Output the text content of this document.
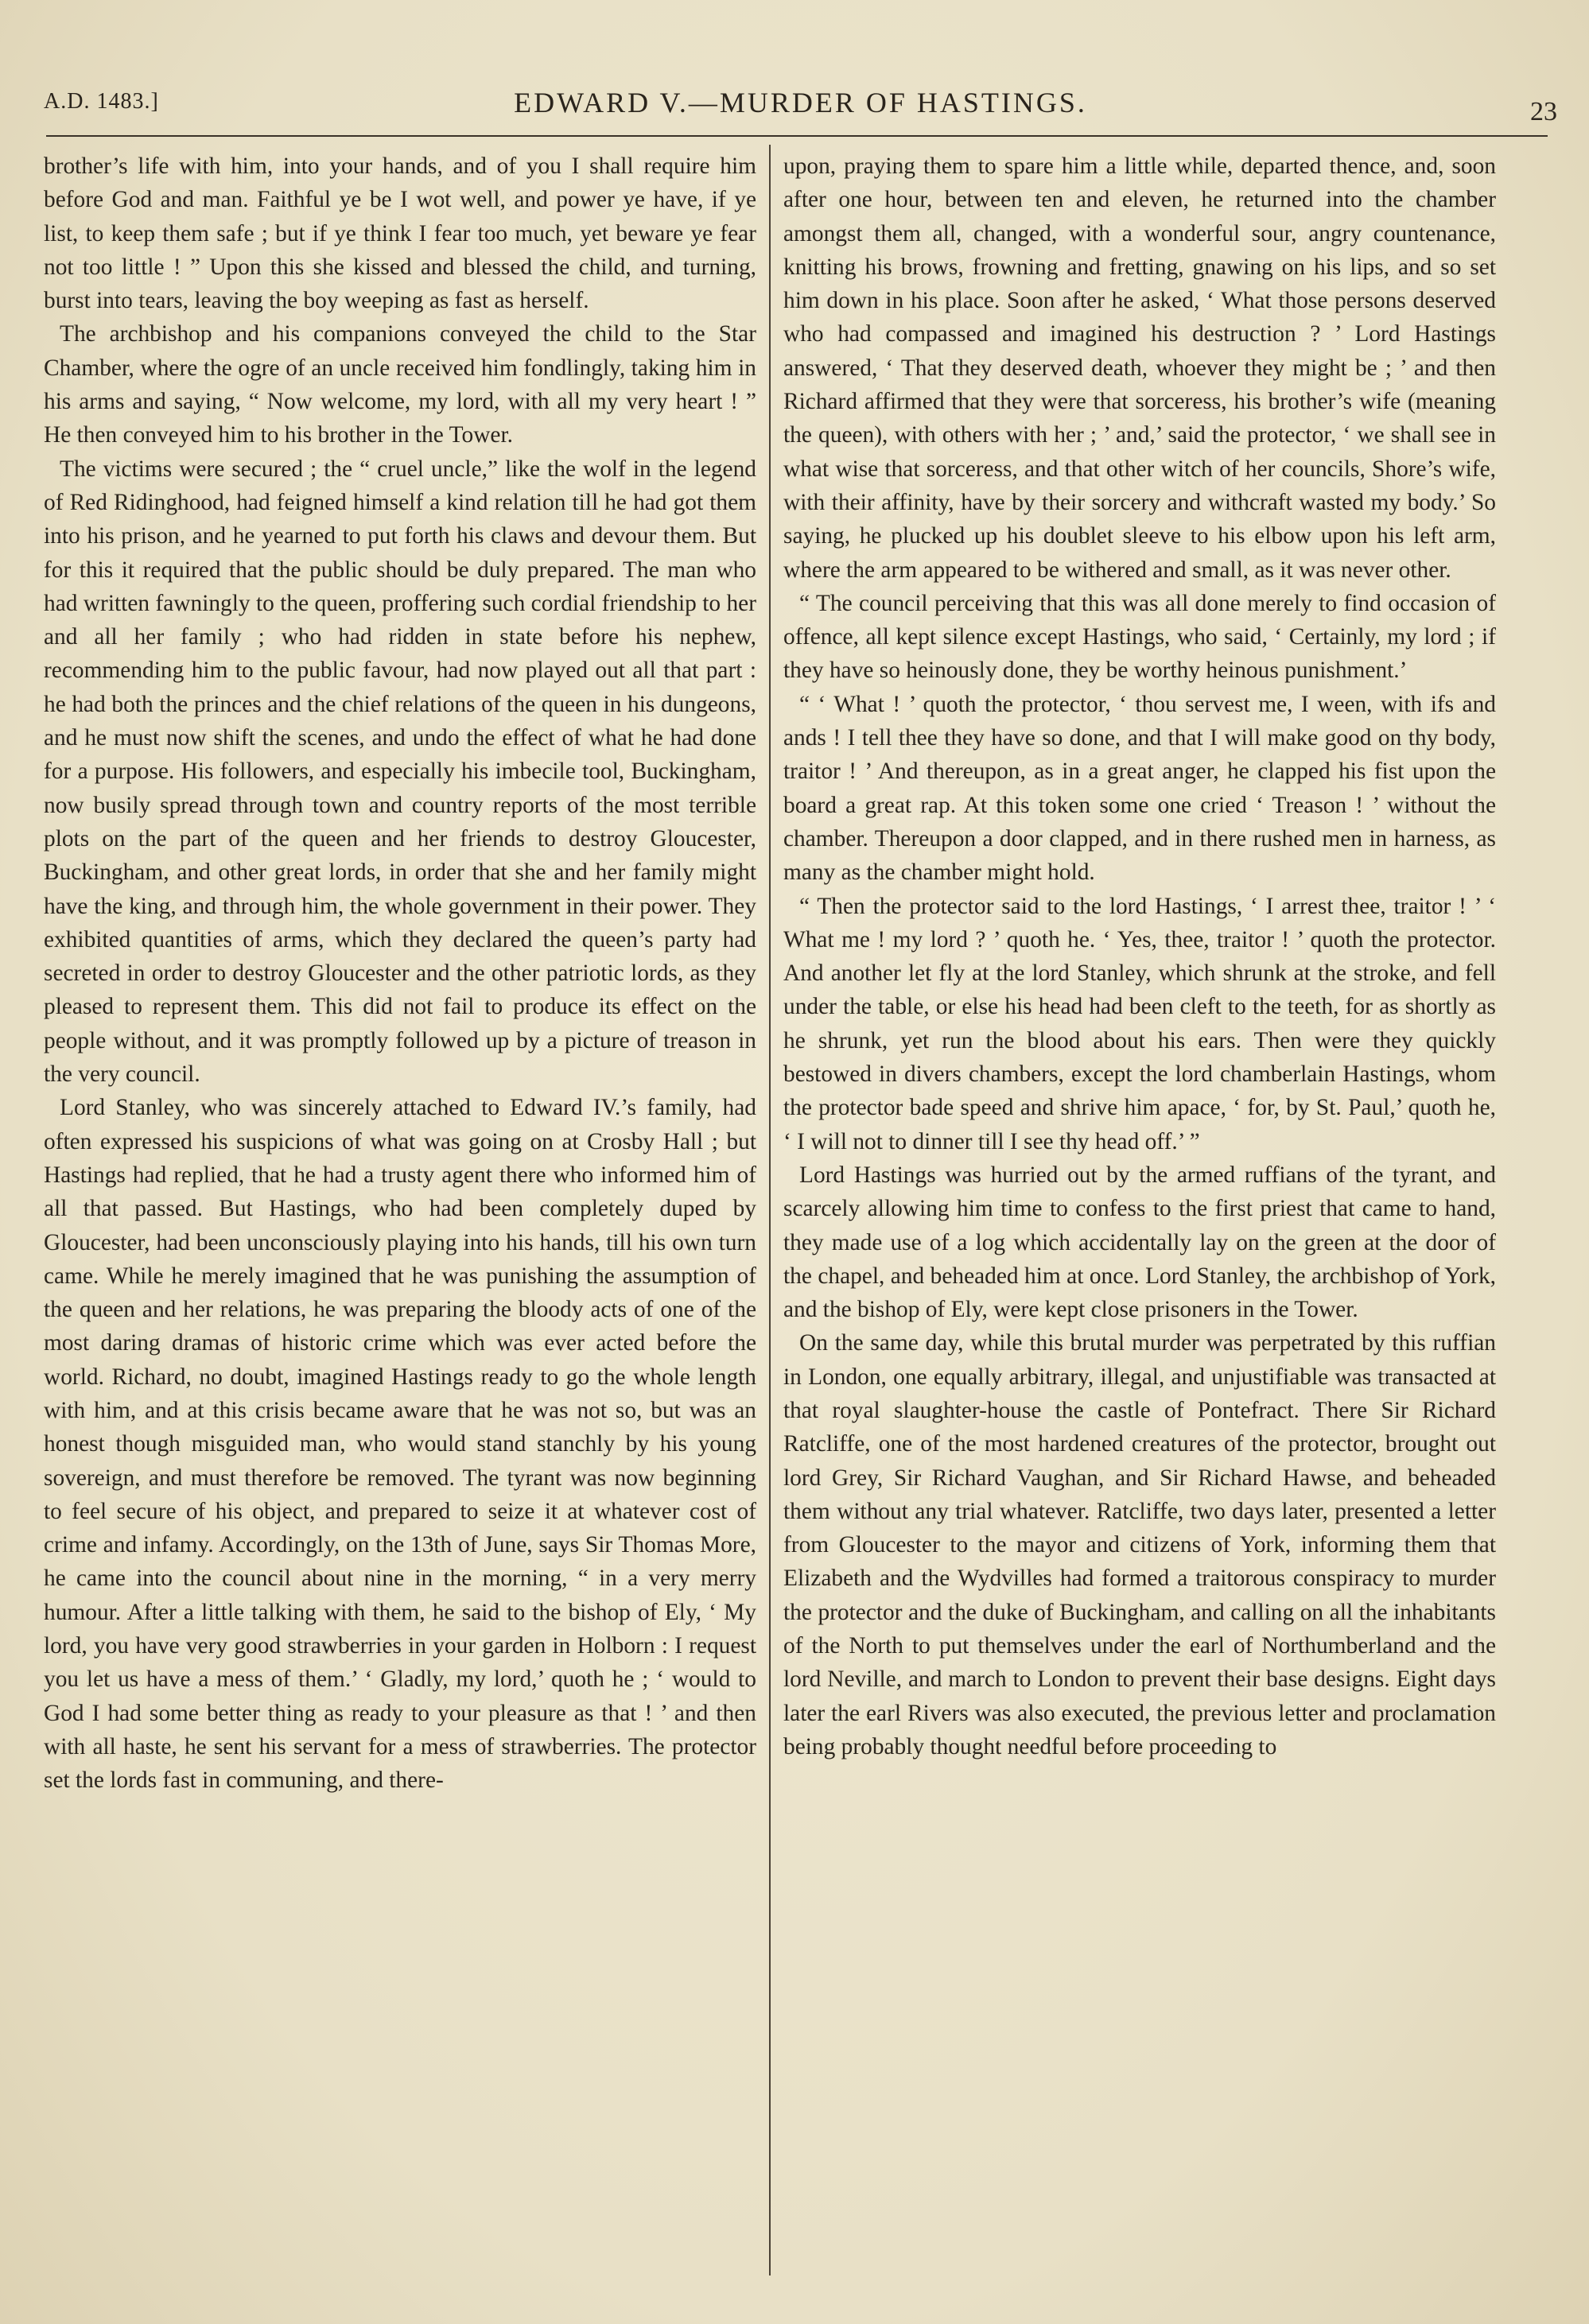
A.D. 1483.]	EDWARD V.—MURDER OF HASTINGS.	23

brother’s life with him, into your hands, and of you I shall require him before God and man. Faithful ye be I wot well, and power ye have, if ye list, to keep them safe ; but if ye think I fear too much, yet beware ye fear not too little ! ” Upon this she kissed and blessed the child, and turning, burst into tears, leaving the boy weeping as fast as herself.

The archbishop and his companions conveyed the child to the Star Chamber, where the ogre of an uncle received him fondlingly, taking him in his arms and saying, “ Now welcome, my lord, with all my very heart ! ” He then conveyed him to his brother in the Tower.

The victims were secured ; the “ cruel uncle,” like the wolf in the legend of Red Ridinghood, had feigned himself a kind relation till he had got them into his prison, and he yearned to put forth his claws and devour them. But for this it required that the public should be duly prepared. The man who had written fawningly to the queen, proffering such cordial friendship to her and all her family ; who had ridden in state before his nephew, recommending him to the public favour, had now played out all that part : he had both the princes and the chief relations of the queen in his dungeons, and he must now shift the scenes, and undo the effect of what he had done for a purpose. His followers, and especially his imbecile tool, Buckingham, now busily spread through town and country reports of the most terrible plots on the part of the queen and her friends to destroy Gloucester, Buckingham, and other great lords, in order that she and her family might have the king, and through him, the whole government in their power. They exhibited quantities of arms, which they declared the queen’s party had secreted in order to destroy Gloucester and the other patriotic lords, as they pleased to represent them. This did not fail to produce its effect on the people without, and it was promptly followed up by a picture of treason in the very council.

Lord Stanley, who was sincerely attached to Edward IV.’s family, had often expressed his suspicions of what was going on at Crosby Hall ; but Hastings had replied, that he had a trusty agent there who informed him of all that passed. But Hastings, who had been completely duped by Gloucester, had been unconsciously playing into his hands, till his own turn came. While he merely imagined that he was punishing the assumption of the queen and her relations, he was preparing the bloody acts of one of the most daring dramas of historic crime which was ever acted before the world. Richard, no doubt, imagined Hastings ready to go the whole length with him, and at this crisis became aware that he was not so, but was an honest though misguided man, who would stand stanchly by his young sovereign, and must therefore be removed. The tyrant was now beginning to feel secure of his object, and prepared to seize it at whatever cost of crime and infamy. Accordingly, on the 13th of June, says Sir Thomas More, he came into the council about nine in the morning, “ in a very merry humour. After a little talking with them, he said to the bishop of Ely, ‘ My lord, you have very good strawberries in your garden in Holborn : I request you let us have a mess of them.’ ‘ Gladly, my lord,’ quoth he ; ‘ would to God I had some better thing as ready to your pleasure as that ! ’ and then with all haste, he sent his servant for a mess of strawberries. The protector set the lords fast in communing, and there-

upon, praying them to spare him a little while, departed thence, and, soon after one hour, between ten and eleven, he returned into the chamber amongst them all, changed, with a wonderful sour, angry countenance, knitting his brows, frowning and fretting, gnawing on his lips, and so set him down in his place. Soon after he asked, ‘ What those persons deserved who had compassed and imagined his destruction ? ’ Lord Hastings answered, ‘ That they deserved death, whoever they might be ; ’ and then Richard affirmed that they were that sorceress, his brother’s wife (meaning the queen), with others with her ; ’ and,’ said the protector, ‘ we shall see in what wise that sorceress, and that other witch of her councils, Shore’s wife, with their affinity, have by their sorcery and withcraft wasted my body.’ So saying, he plucked up his doublet sleeve to his elbow upon his left arm, where the arm appeared to be withered and small, as it was never other.

“ The council perceiving that this was all done merely to find occasion of offence, all kept silence except Hastings, who said, ‘ Certainly, my lord ; if they have so heinously done, they be worthy heinous punishment.’

“ ‘ What ! ’ quoth the protector, ‘ thou servest me, I ween, with ifs and ands ! I tell thee they have so done, and that I will make good on thy body, traitor ! ’ And thereupon, as in a great anger, he clapped his fist upon the board a great rap. At this token some one cried ‘ Treason ! ’ without the chamber. Thereupon a door clapped, and in there rushed men in harness, as many as the chamber might hold.

“ Then the protector said to the lord Hastings, ‘ I arrest thee, traitor ! ’ ‘ What me ! my lord ? ’ quoth he. ‘ Yes, thee, traitor ! ’ quoth the protector. And another let fly at the lord Stanley, which shrunk at the stroke, and fell under the table, or else his head had been cleft to the teeth, for as shortly as he shrunk, yet run the blood about his ears. Then were they quickly bestowed in divers chambers, except the lord chamberlain Hastings, whom the protector bade speed and shrive him apace, ‘ for, by St. Paul,’ quoth he, ‘ I will not to dinner till I see thy head off.’ ”

Lord Hastings was hurried out by the armed ruffians of the tyrant, and scarcely allowing him time to confess to the first priest that came to hand, they made use of a log which accidentally lay on the green at the door of the chapel, and beheaded him at once. Lord Stanley, the archbishop of York, and the bishop of Ely, were kept close prisoners in the Tower.

On the same day, while this brutal murder was perpetrated by this ruffian in London, one equally arbitrary, illegal, and unjustifiable was transacted at that royal slaughter-house the castle of Pontefract. There Sir Richard Ratcliffe, one of the most hardened creatures of the protector, brought out lord Grey, Sir Richard Vaughan, and Sir Richard Hawse, and beheaded them without any trial whatever. Ratcliffe, two days later, presented a letter from Gloucester to the mayor and citizens of York, informing them that Elizabeth and the Wydvilles had formed a traitorous conspiracy to murder the protector and the duke of Buckingham, and calling on all the inhabitants of the North to put themselves under the earl of Northumberland and the lord Neville, and march to London to prevent their base designs. Eight days later the earl Rivers was also executed, the previous letter and proclamation being probably thought needful before proceeding to
